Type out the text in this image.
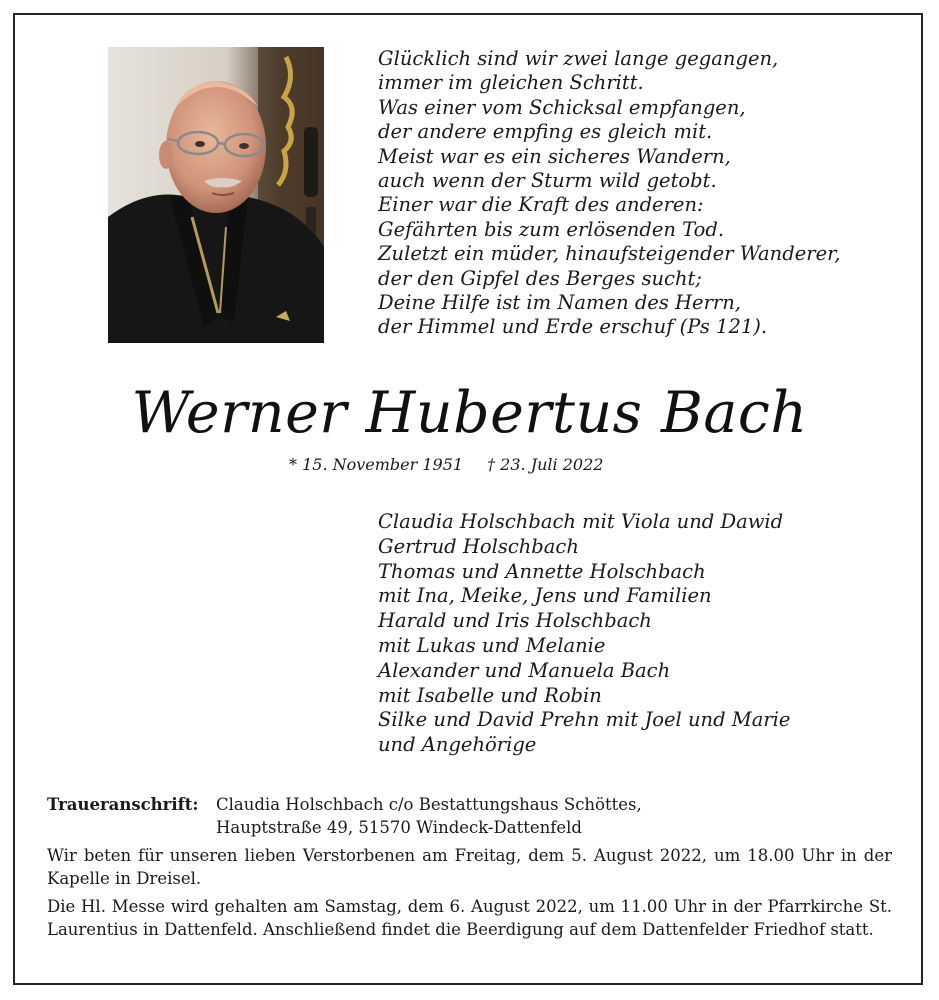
Glücklich sind wir zwei lange gegangen,
immer im gleichen Schritt.
Was einer vom Schicksal empfangen,
der andere empfing es gleich mit.
Meist war es ein sicheres Wandern,
auch wenn der Sturm wild getobt.
Einer war die Kraft des anderen:
Gefährten bis zum erlösenden Tod.
Zuletzt ein müder, hinaufsteigender Wanderer,
der den Gipfel des Berges sucht;
Deine Hilfe ist im Namen des Herrn,
der Himmel und Erde erschuf (Ps 121).
Werner Hubertus Bach
* 15. November 1951 † 23. Juli 2022
Claudia Holschbach mit Viola und Dawid
Gertrud Holschbach
Thomas und Annette Holschbach
mit Ina, Meike, Jens und Familien
Harald und Iris Holschbach
mit Lukas und Melanie
Alexander und Manuela Bach
mit Isabelle und Robin
Silke und David Prehn mit Joel und Marie
und Angehörige
Traueranschrift: Claudia Holschbach c/o Bestattungshaus Schöttes,
Hauptstraße 49, 51570 Windeck-Dattenfeld
Wir beten für unseren lieben Verstorbenen am Freitag, dem 5. August 2022, um 18.00 Uhr in der Kapelle in Dreisel.
Die Hl. Messe wird gehalten am Samstag, dem 6. August 2022, um 11.00 Uhr in der Pfarrkirche St. Laurentius in Dattenfeld. Anschließend findet die Beerdigung auf dem Dattenfelder Friedhof statt.
